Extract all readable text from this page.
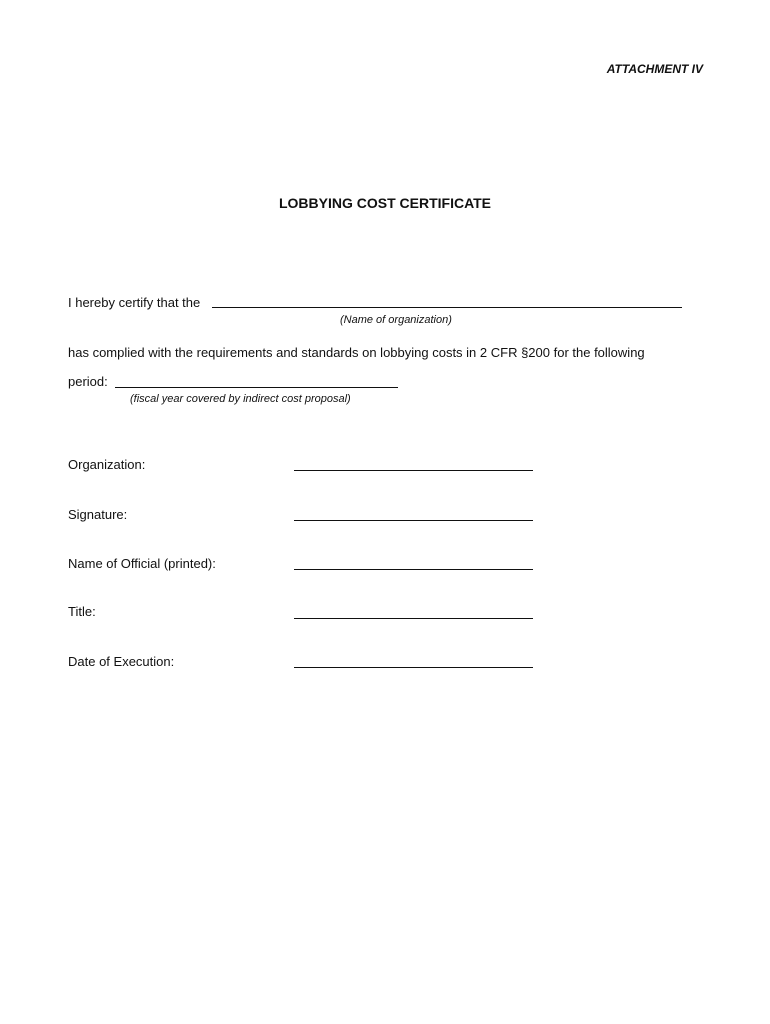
ATTACHMENT IV
LOBBYING COST CERTIFICATE
I hereby certify that the
(Name of organization)
has complied with the requirements and standards on lobbying costs in 2 CFR §200 for the following
period:
(fiscal year covered by indirect cost proposal)
Organization:
Signature:
Name of Official (printed):
Title:
Date of Execution:
